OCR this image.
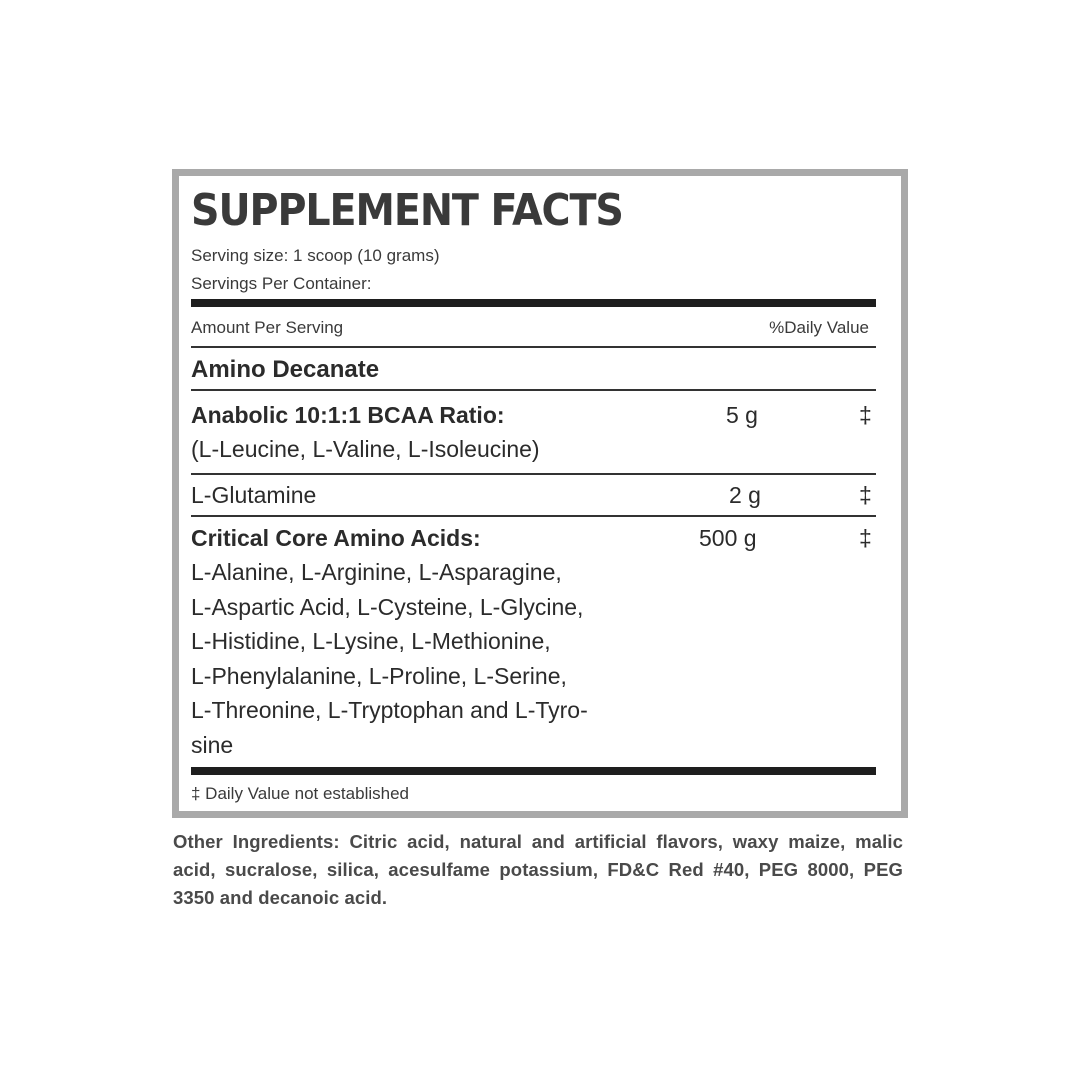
SUPPLEMENT FACTS
Serving size: 1 scoop (10 grams)
Servings Per Container:
Amount Per Serving	%Daily Value
Amino Decanate
Anabolic 10:1:1 BCAA Ratio:
(L-Leucine, L-Valine, L-Isoleucine)
5 g	‡
L-Glutamine	2 g	‡
Critical Core Amino Acids:	500 g	‡
L-Alanine, L-Arginine, L-Asparagine,
L-Aspartic Acid, L-Cysteine, L-Glycine,
L-Histidine, L-Lysine, L-Methionine,
L-Phenylalanine, L-Proline, L-Serine,
L-Threonine, L-Tryptophan and L-Tyro-
sine
‡ Daily Value not established
Other Ingredients: Citric acid, natural and artificial flavors, waxy maize, malic acid, sucralose, silica, acesulfame potassium, FD&C Red #40, PEG 8000, PEG 3350 and decanoic acid.
